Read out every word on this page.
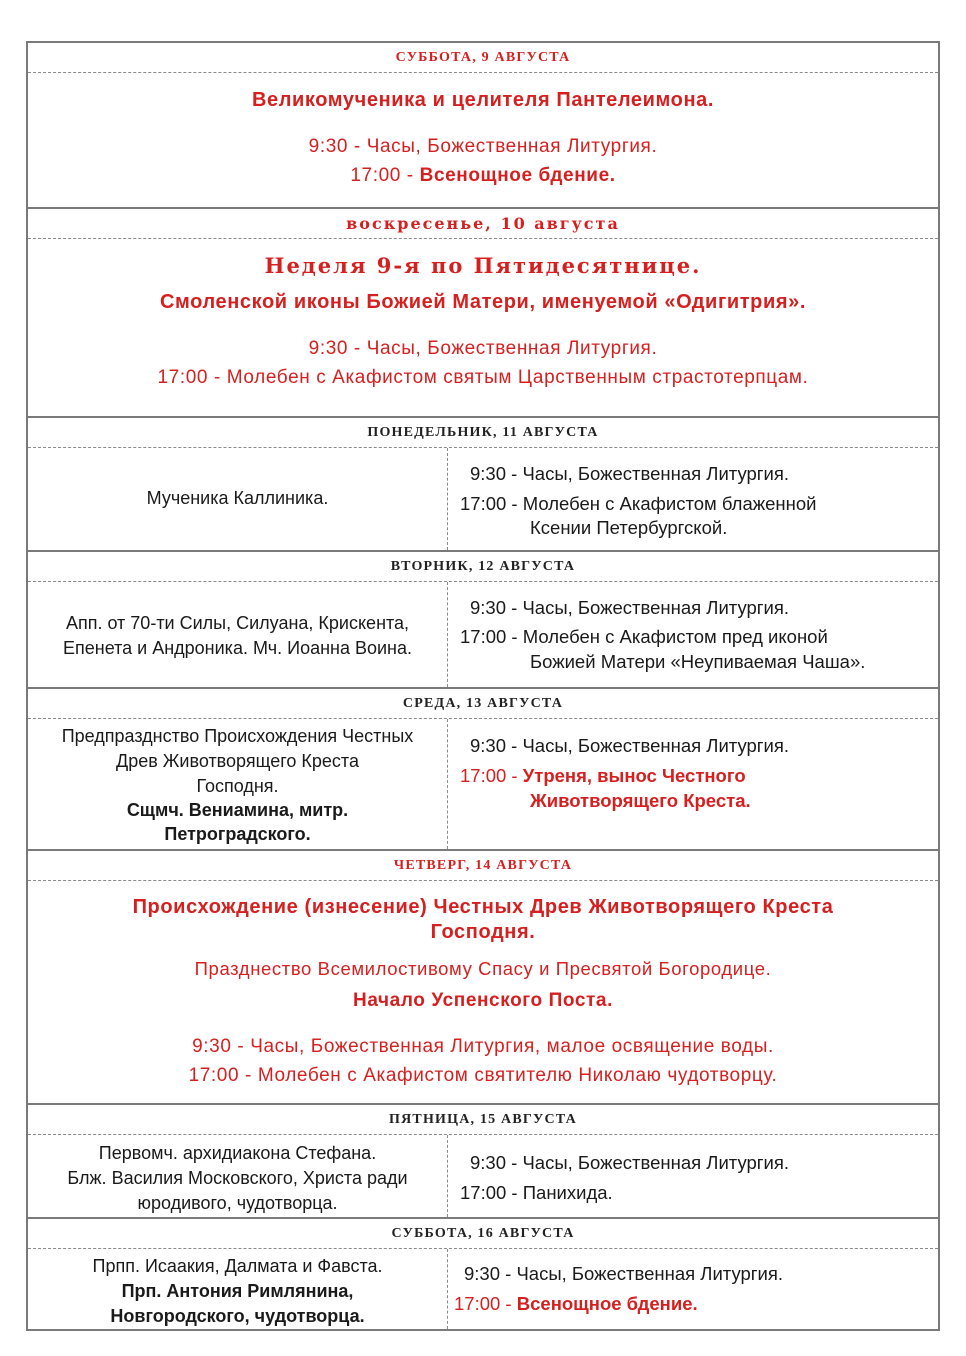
СУББОТА, 9 АВГУСТА
Великомученика и целителя Пантелеимона.
9:30 - Часы, Божественная Литургия.
17:00 - Всенощное бдение.
воскресенье, 10 августа
Неделя 9-я по Пятидесятнице.
Смоленской иконы Божией Матери, именуемой «Одигитрия».
9:30 - Часы, Божественная Литургия.
17:00 - Молебен с Акафистом святым Царственным страстотерпцам.
ПОНЕДЕЛЬНИК, 11 АВГУСТА
Мученика Каллиника.
9:30 - Часы, Божественная Литургия.
17:00 - Молебен с Акафистом блаженной
Ксении Петербургской.
ВТОРНИК, 12 АВГУСТА
Апп. от 70-ти Силы, Силуана, Крискента,
Епенета и Андроника. Мч. Иоанна Воина.
9:30 - Часы, Божественная Литургия.
17:00 - Молебен с Акафистом пред иконой
Божией Матери «Неупиваемая Чаша».
СРЕДА, 13 АВГУСТА
Предпразднство Происхождения Честных
Древ Животворящего Креста
Господня.
Сщмч. Вениамина, митр.
Петроградского.
9:30 - Часы, Божественная Литургия.
17:00 - Утреня, вынос Честного
Животворящего Креста.
ЧЕТВЕРГ, 14 АВГУСТА
Происхождение (изнесение) Честных Древ Животворящего Креста
Господня.
Празднество Всемилостивому Спасу и Пресвятой Богородице.
Начало Успенского Поста.
9:30 - Часы, Божественная Литургия, малое освящение воды.
17:00 - Молебен с Акафистом святителю Николаю чудотворцу.
ПЯТНИЦА, 15 АВГУСТА
Первомч. архидиакона Стефана.
Блж. Василия Московского, Христа ради
юродивого, чудотворца.
9:30 - Часы, Божественная Литургия.
17:00 - Панихида.
СУББОТА, 16 АВГУСТА
Прпп. Исаакия, Далмата и Фавста.
Прп. Антония Римлянина,
Новгородского, чудотворца.
9:30 - Часы, Божественная Литургия.
17:00 - Всенощное бдение.
